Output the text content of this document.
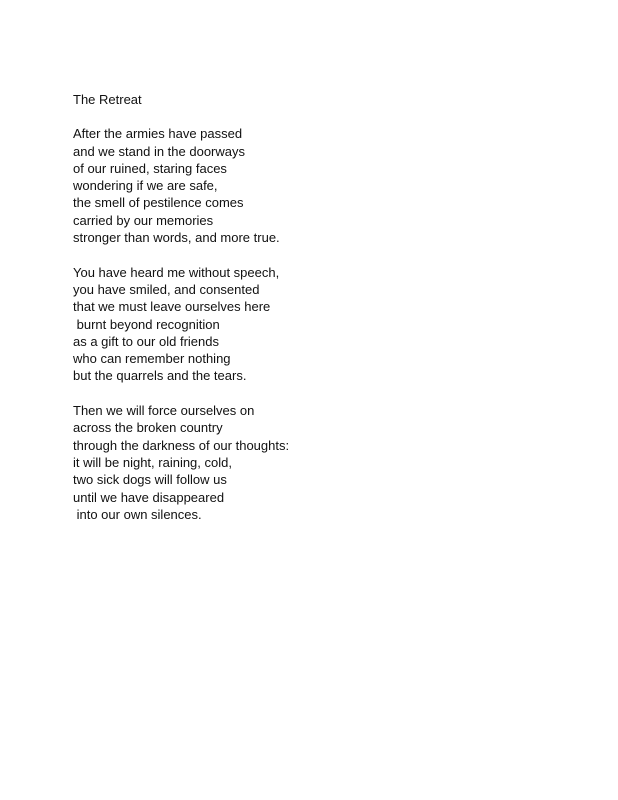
The Retreat
After the armies have passed
and we stand in the doorways
of our ruined, staring faces
wondering if we are safe,
the smell of pestilence comes
carried by our memories
stronger than words, and more true.
You have heard me without speech,
you have smiled, and consented
that we must leave ourselves here
burnt beyond recognition
as a gift to our old friends
who can remember nothing
but the quarrels and the tears.
Then we will force ourselves on
across the broken country
through the darkness of our thoughts:
it will be night, raining, cold,
two sick dogs will follow us
until we have disappeared
into our own silences.
